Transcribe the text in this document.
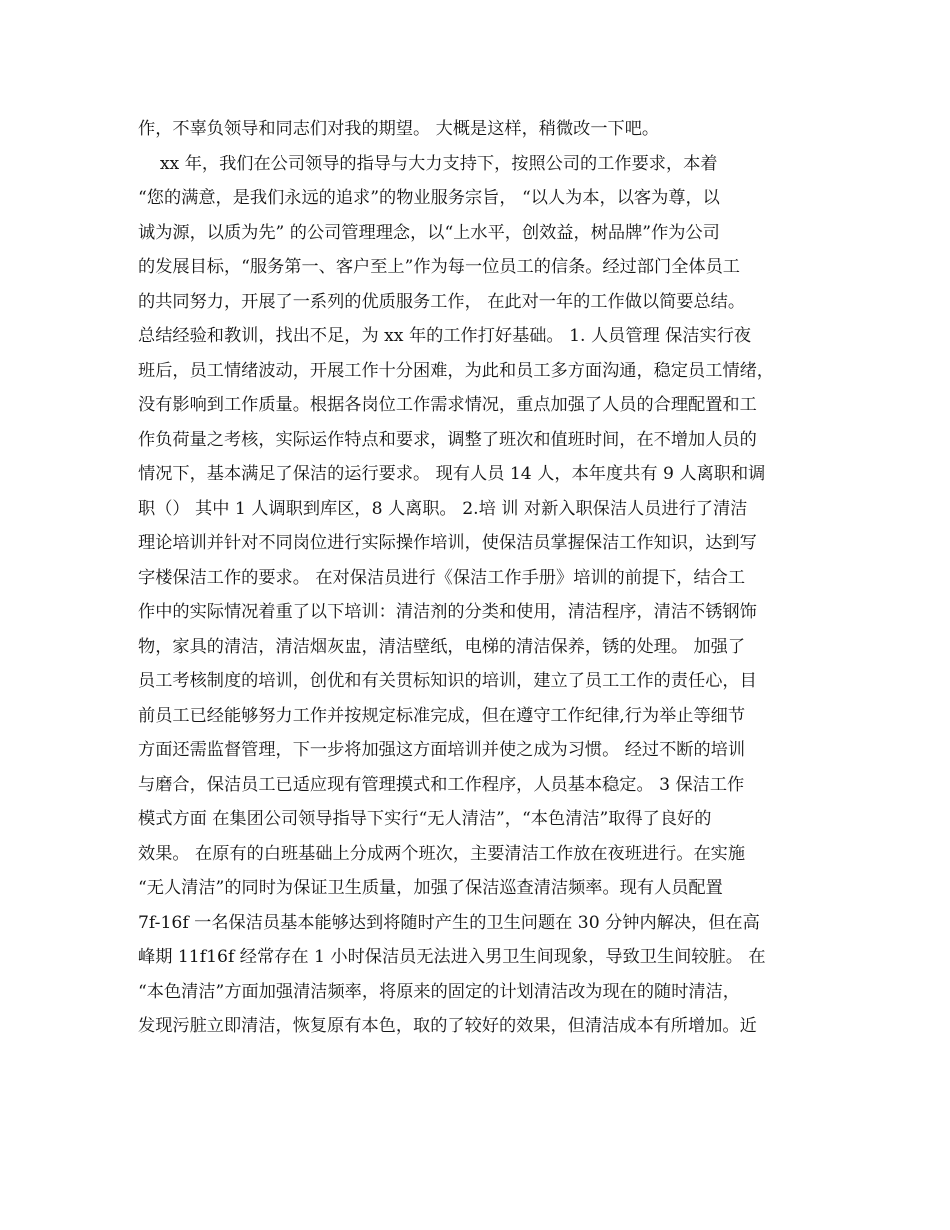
作，不辜负领导和同志们对我的期望。 大概是这样，稍微改一下吧。
xx 年，我们在公司领导的指导与大力支持下，按照公司的工作要求，本着
“您的满意，是我们永远的追求”的物业服务宗旨， “以人为本，以客为尊，以
诚为源，以质为先” 的公司管理理念，以“上水平，创效益，树品牌”作为公司
的发展目标，“服务第一、客户至上”作为每一位员工的信条。经过部门全体员工
的共同努力，开展了一系列的优质服务工作， 在此对一年的工作做以简要总结。
总结经验和教训，找出不足，为 xx 年的工作打好基础。 1. 人员管理 保洁实行夜
班后，员工情绪波动，开展工作十分困难，为此和员工多方面沟通，稳定员工情绪，
没有影响到工作质量。根据各岗位工作需求情况，重点加强了人员的合理配置和工
作负荷量之考核，实际运作特点和要求，调整了班次和值班时间，在不增加人员的
情况下，基本满足了保洁的运行要求。 现有人员 14 人，本年度共有 9 人离职和调
职（） 其中 1 人调职到库区，8 人离职。 2.培 训 对新入职保洁人员进行了清洁
理论培训并针对不同岗位进行实际操作培训，使保洁员掌握保洁工作知识，达到写
字楼保洁工作的要求。 在对保洁员进行《保洁工作手册》培训的前提下，结合工
作中的实际情况着重了以下培训：清洁剂的分类和使用，清洁程序，清洁不锈钢饰
物，家具的清洁，清洁烟灰盅，清洁壁纸，电梯的清洁保养，锈的处理。 加强了
员工考核制度的培训，创优和有关贯标知识的培训，建立了员工工作的责任心，目
前员工已经能够努力工作并按规定标准完成，但在遵守工作纪律,行为举止等细节
方面还需监督管理，下一步将加强这方面培训并使之成为习惯。 经过不断的培训
与磨合，保洁员工已适应现有管理摸式和工作程序，人员基本稳定。 3 保洁工作
模式方面 在集团公司领导指导下实行“无人清洁”，“本色清洁”取得了良好的
效果。 在原有的白班基础上分成两个班次，主要清洁工作放在夜班进行。在实施
“无人清洁”的同时为保证卫生质量，加强了保洁巡查清洁频率。现有人员配置
7f-16f 一名保洁员基本能够达到将随时产生的卫生问题在 30 分钟内解决，但在高
峰期 11f16f 经常存在 1 小时保洁员无法进入男卫生间现象，导致卫生间较脏。 在
“本色清洁”方面加强清洁频率，将原来的固定的计划清洁改为现在的随时清洁，
发现污脏立即清洁，恢复原有本色，取的了较好的效果，但清洁成本有所增加。近
